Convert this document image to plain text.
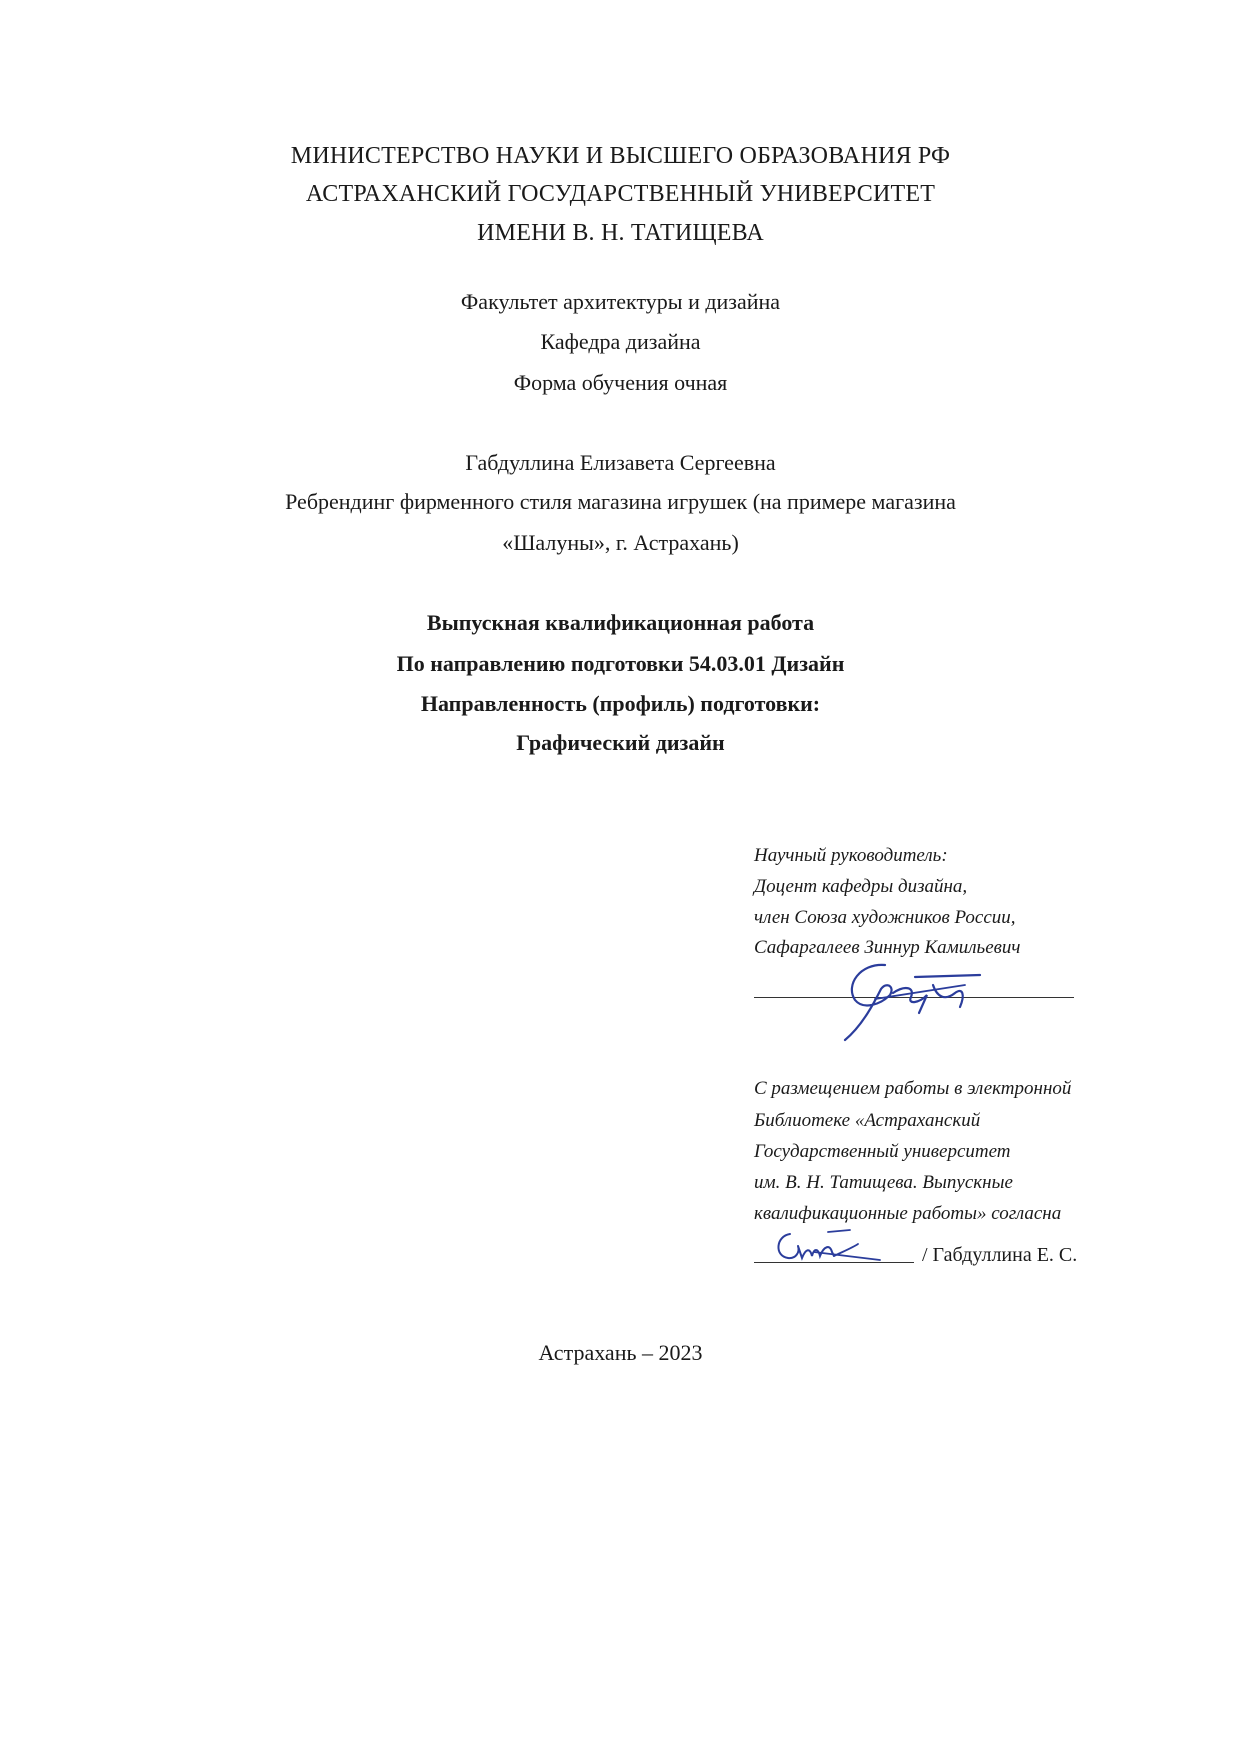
МИНИСТЕРСТВО НАУКИ И ВЫСШЕГО ОБРАЗОВАНИЯ РФ
АСТРАХАНСКИЙ ГОСУДАРСТВЕННЫЙ УНИВЕРСИТЕТ
ИМЕНИ В. Н. ТАТИЩЕВА
Факультет архитектуры и дизайна
Кафедра дизайна
Форма обучения очная
Габдуллина Елизавета Сергеевна
Ребрендинг фирменного стиля магазина игрушек (на примере магазина
«Шалуны», г. Астрахань)
Выпускная квалификационная работа
По направлению подготовки 54.03.01 Дизайн
Направленность (профиль) подготовки:
Графический дизайн
Научный руководитель:
Доцент кафедры дизайна,
член Союза художников России,
Сафаргалеев Зиннур Камильевич
С размещением работы в электронной
Библиотеке «Астраханский
Государственный университет
им. В. Н. Татищева. Выпускные
квалификационные работы» согласна
/ Габдуллина Е. С.
Астрахань – 2023
